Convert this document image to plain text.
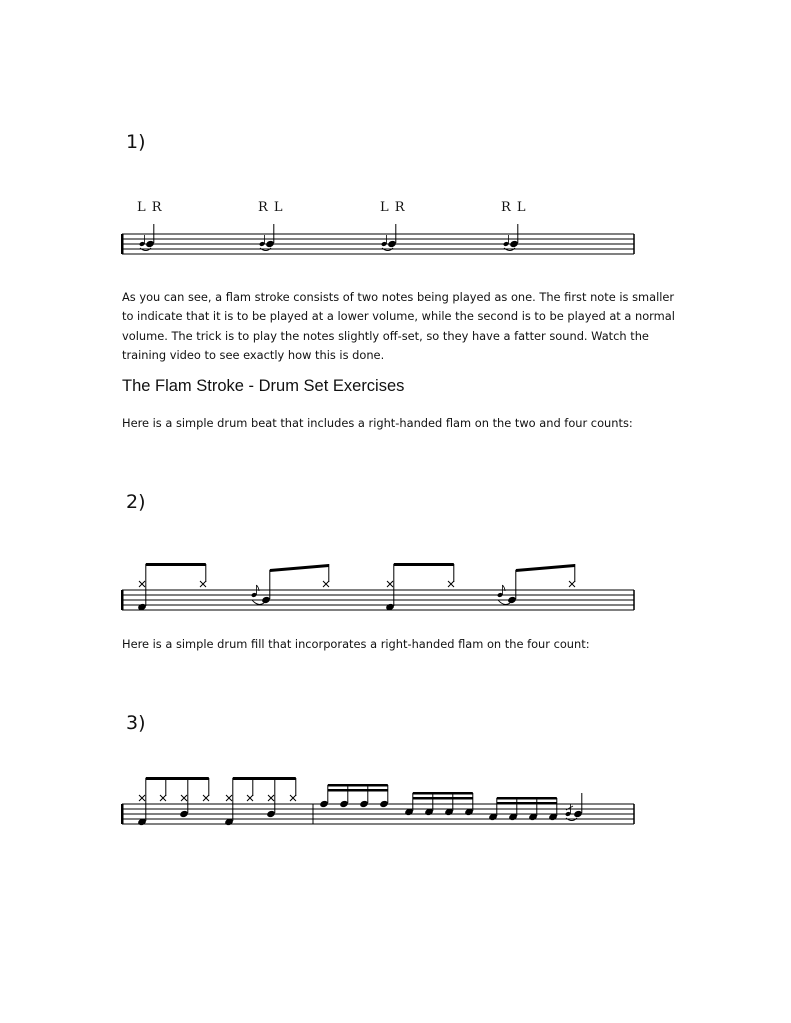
1)
L R	R L	L R	R L
As you can see, a flam stroke consists of two notes being played as one. The first note is smaller
to indicate that it is to be played at a lower volume, while the second is to be played at a normal
volume. The trick is to play the notes slightly off-set, so they have a fatter sound. Watch the
training video to see exactly how this is done.
The Flam Stroke - Drum Set Exercises
Here is a simple drum beat that includes a right-handed flam on the two and four counts:
2)
Here is a simple drum fill that incorporates a right-handed flam on the four count:
3)
